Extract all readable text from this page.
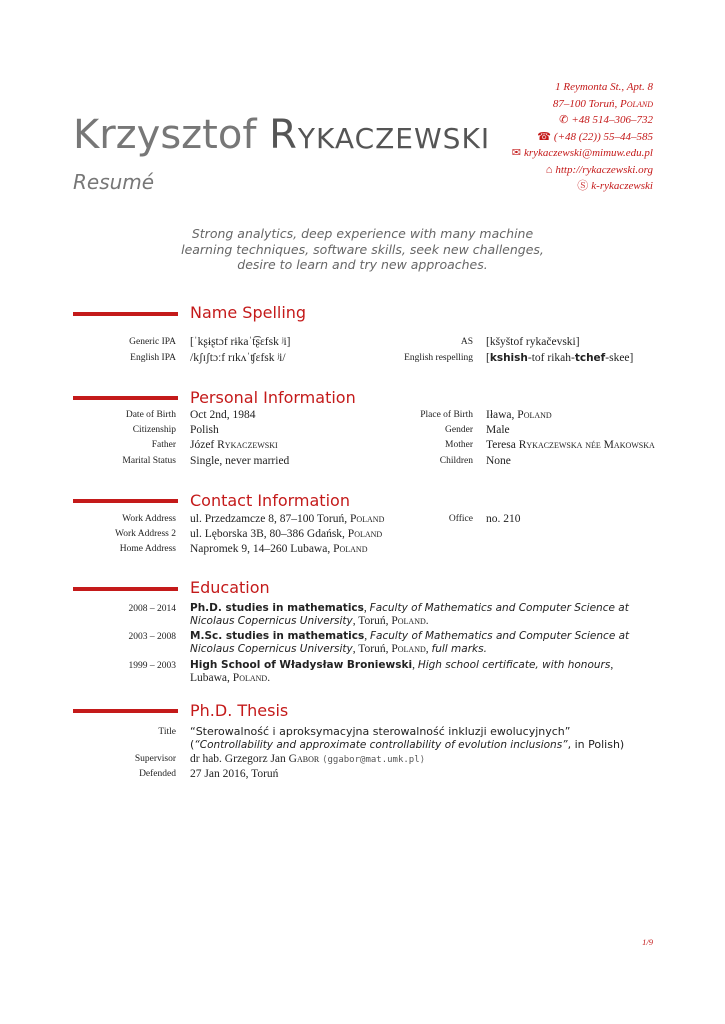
Krzysztof Rykaczewski
Resumé
1 Reymonta St., Apt. 8
87–100 Toruń, Poland
✆ +48 514–306–732
☎ (+48 (22)) 55–44–585
✉ krykaczewski@mimuw.edu.pl
⌂ http://rykaczewski.org
Ⓢ k-rykaczewski
Strong analytics, deep experience with many machine learning techniques, software skills, seek new challenges, desire to learn and try new approaches.
Name Spelling
Generic IPA [ˈkʂɨʂtɔf rɨkaˈt͡ʂɛfsk ʲi]	AS [kšyštof rykačevski]
English IPA /kʃɪʃtɔːf rɪkʌˈʧɛfsk ʲi/	English respelling [kshish-tof rikah-tchef-skee]
Personal Information
Date of Birth Oct 2nd, 1984	Place of Birth Iława, Poland
Citizenship Polish	Gender Male
Father Józef Rykaczewski	Mother Teresa Rykaczewska née Makowska
Marital Status Single, never married	Children None
Contact Information
Work Address ul. Przedzamcze 8, 87–100 Toruń, Poland	Office no. 210
Work Address 2 ul. Lęborska 3B, 80–386 Gdańsk, Poland
Home Address Napromek 9, 14–260 Lubawa, Poland
Education
2008 – 2014 Ph.D. studies in mathematics, Faculty of Mathematics and Computer Science at Nicolaus Copernicus University, Toruń, Poland.
2003 – 2008 M.Sc. studies in mathematics, Faculty of Mathematics and Computer Science at Nicolaus Copernicus University, Toruń, Poland, full marks.
1999 – 2003 High School of Władysław Broniewski, High school certificate, with honours, Lubawa, Poland.
Ph.D. Thesis
Title “Sterowalność i aproksymacyjna sterowalność inkluzji ewolucyjnych” (“Controllability and approximate controllability of evolution inclusions”, in Polish)
Supervisor dr hab. Grzegorz Jan Gabor ⟨ggabor@mat.umk.pl⟩
Defended 27 Jan 2016, Toruń
1/9
